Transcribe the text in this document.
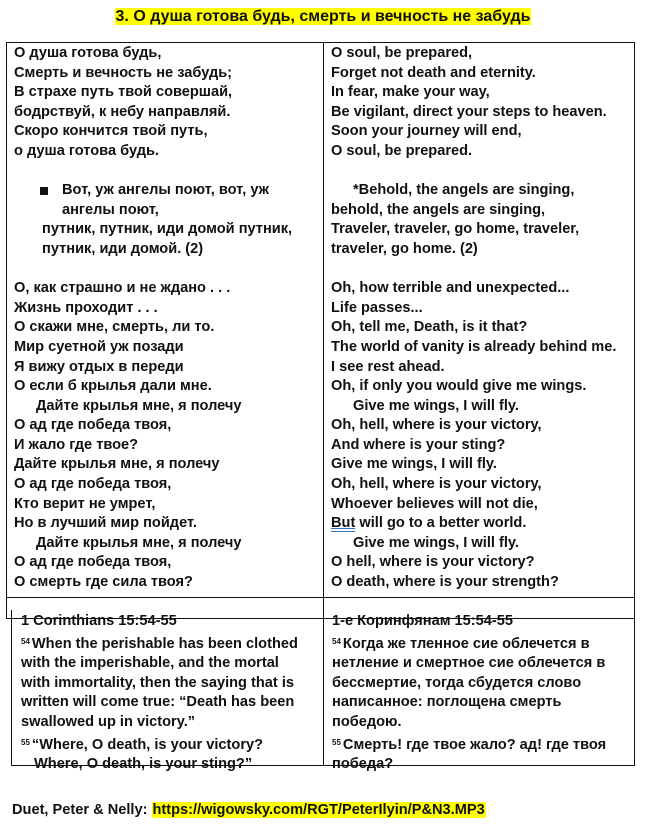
3. О душа готова будь, смерть и вечность не забудь
О душа готова будь,
Смерть и вечность не забудь;
В страхе путь твой совершай,
бодрствуй, к небу направляй.
Скоро кончится твой путь,
о душа готова будь.
Вот, уж ангелы поют, вот, уж
ангелы поют,
путник, путник, иди домой путник,
путник, иди домой. (2)
О, как страшно и не ждано . . .
Жизнь проходит . . .
О скажи мне, смерть, ли то.
Мир суетной уж позади
Я вижу отдых в переди
О если б крылья дали мне.
Дайте крылья мне, я полечу
О ад где победа твоя,
И жало где твое?
Дайте крылья мне, я полечу
О ад где победа твоя,
Кто верит не умрет,
Но в лучший мир пойдет.
Дайте крылья мне, я полечу
О ад где победа твоя,
О смерть где сила твоя?
O soul, be prepared,
Forget not death and eternity.
In fear, make your way,
Be vigilant, direct your steps to heaven.
Soon your journey will end,
O soul, be prepared.
*Behold, the angels are singing,
behold, the angels are singing,
Traveler, traveler, go home, traveler,
traveler, go home. (2)
Oh, how terrible and unexpected...
Life passes...
Oh, tell me, Death, is it that?
The world of vanity is already behind me.
I see rest ahead.
Oh, if only you would give me wings.
Give me wings, I will fly.
Oh, hell, where is your victory,
And where is your sting?
Give me wings, I will fly.
Oh, hell, where is your victory,
Whoever believes will not die,
But will go to a better world.
Give me wings, I will fly.
O hell, where is your victory?
O death, where is your strength?
1 Corinthians 15:54-55
$^{54}$ When the perishable has been clothed
with the imperishable, and the mortal
with immortality, then the saying that is
written will come true: “Death has been
swallowed up in victory.”
$^{55}$ “Where, O death, is your victory?
Where, O death, is your sting?”
1-е Коринфянам 15:54-55
$^{54}$ Когда же тленное сие облечется в
нетление и смертное сие облечется в
бессмертие, тогда сбудется слово
написанное: поглощена смерть
победою.
$^{55}$ Смерть! где твое жало? ад! где твоя
победа?
Duet, Peter & Nelly: https://wigowsky.com/RGT/PeterIlyin/P&N3.MP3
